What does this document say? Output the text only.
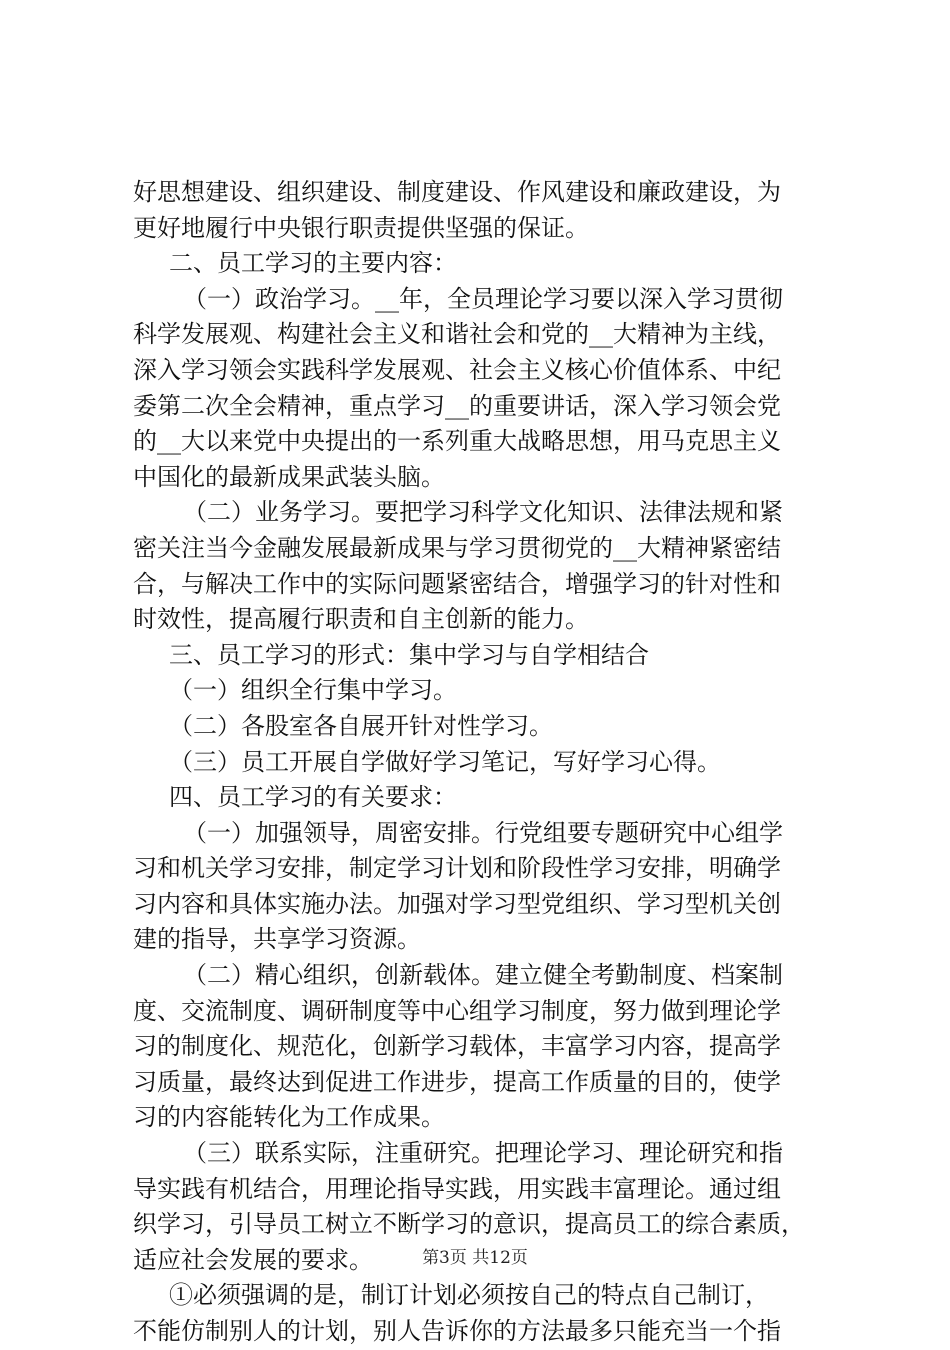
好思想建设、组织建设、制度建设、作风建设和廉政建设，为
更好地履行中央银行职责提供坚强的保证。
二、员工学习的主要内容：
（一）政治学习。__年，全员理论学习要以深入学习贯彻
科学发展观、构建社会主义和谐社会和党的__大精神为主线，
深入学习领会实践科学发展观、社会主义核心价值体系、中纪
委第二次全会精神，重点学习__的重要讲话，深入学习领会党
的__大以来党中央提出的一系列重大战略思想，用马克思主义
中国化的最新成果武装头脑。
（二）业务学习。要把学习科学文化知识、法律法规和紧
密关注当今金融发展最新成果与学习贯彻党的__大精神紧密结
合，与解决工作中的实际问题紧密结合，增强学习的针对性和
时效性，提高履行职责和自主创新的能力。
三、员工学习的形式：集中学习与自学相结合
（一）组织全行集中学习。
（二）各股室各自展开针对性学习。
（三）员工开展自学做好学习笔记，写好学习心得。
四、员工学习的有关要求：
（一）加强领导，周密安排。行党组要专题研究中心组学
习和机关学习安排，制定学习计划和阶段性学习安排，明确学
习内容和具体实施办法。加强对学习型党组织、学习型机关创
建的指导，共享学习资源。
（二）精心组织，创新载体。建立健全考勤制度、档案制
度、交流制度、调研制度等中心组学习制度，努力做到理论学
习的制度化、规范化，创新学习载体，丰富学习内容，提高学
习质量，最终达到促进工作进步，提高工作质量的目的，使学
习的内容能转化为工作成果。
（三）联系实际，注重研究。把理论学习、理论研究和指
导实践有机结合，用理论指导实践，用实践丰富理论。通过组
织学习，引导员工树立不断学习的意识，提高员工的综合素质，
适应社会发展的要求。
①必须强调的是，制订计划必须按自己的特点自己制订，
不能仿制别人的计划，别人告诉你的方法最多只能充当一个指
第3页 共12页
